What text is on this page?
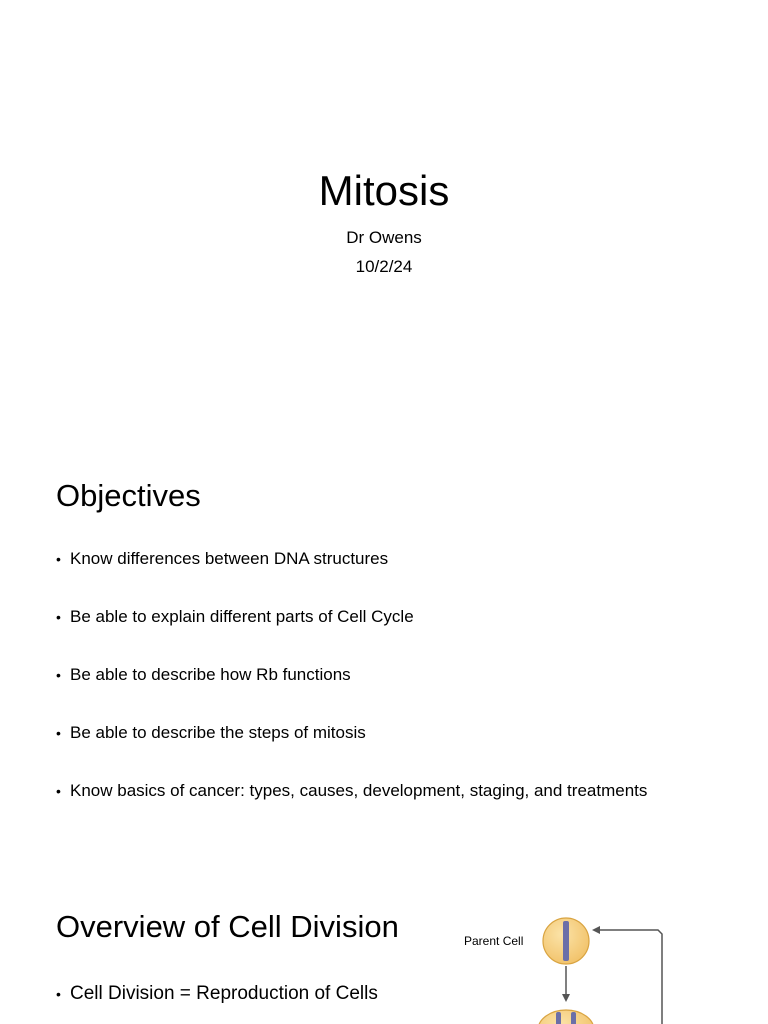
Mitosis
Dr Owens
10/2/24
Objectives
• Know differences between DNA structures
• Be able to explain different parts of Cell Cycle
• Be able to describe how Rb functions
• Be able to describe the steps of mitosis
• Know basics of cancer: types, causes, development, staging, and treatments
Overview of Cell Division
• Cell Division = Reproduction of Cells
Parent Cell
